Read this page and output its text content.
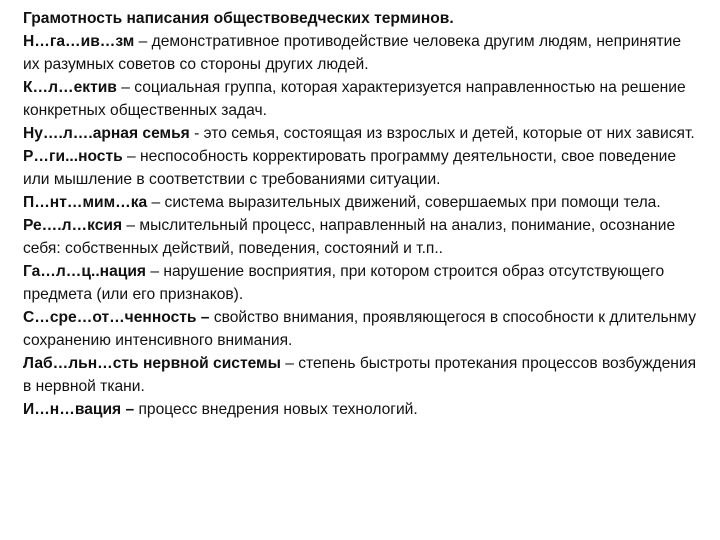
Грамотность написания обществоведческих терминов.

Н…га…ив…зм – демонстративное противодействие человека другим людям, непринятие их разумных советов со стороны других людей.

К…л…ектив – социальная группа, которая характеризуется направленностью на решение конкретных общественных задач.

Ну….л….арная семья - это семья, состоящая из взрослых и детей, которые от них зависят.

Р…ги...ность – неспособность корректировать программу деятельности, свое поведение или мышление в соответствии с требованиями ситуации.

П…нт…мим…ка – система выразительных движений, совершаемых при помощи тела.

Ре….л…ксия – мыслительный процесс, направленный на анализ, понимание, осознание себя: собственных действий, поведения, состояний и т.п..

Га…л…ц..нация – нарушение восприятия, при котором строится образ отсутствующего предмета (или его признаков).

С…сре…от…ченность – свойство внимания, проявляющегося в способности к длительнму сохранению интенсивного внимания.

Лаб…льн…сть нервной системы – степень быстроты протекания процессов возбуждения в нервной ткани.

И…н…вация – процесс внедрения новых технологий.
